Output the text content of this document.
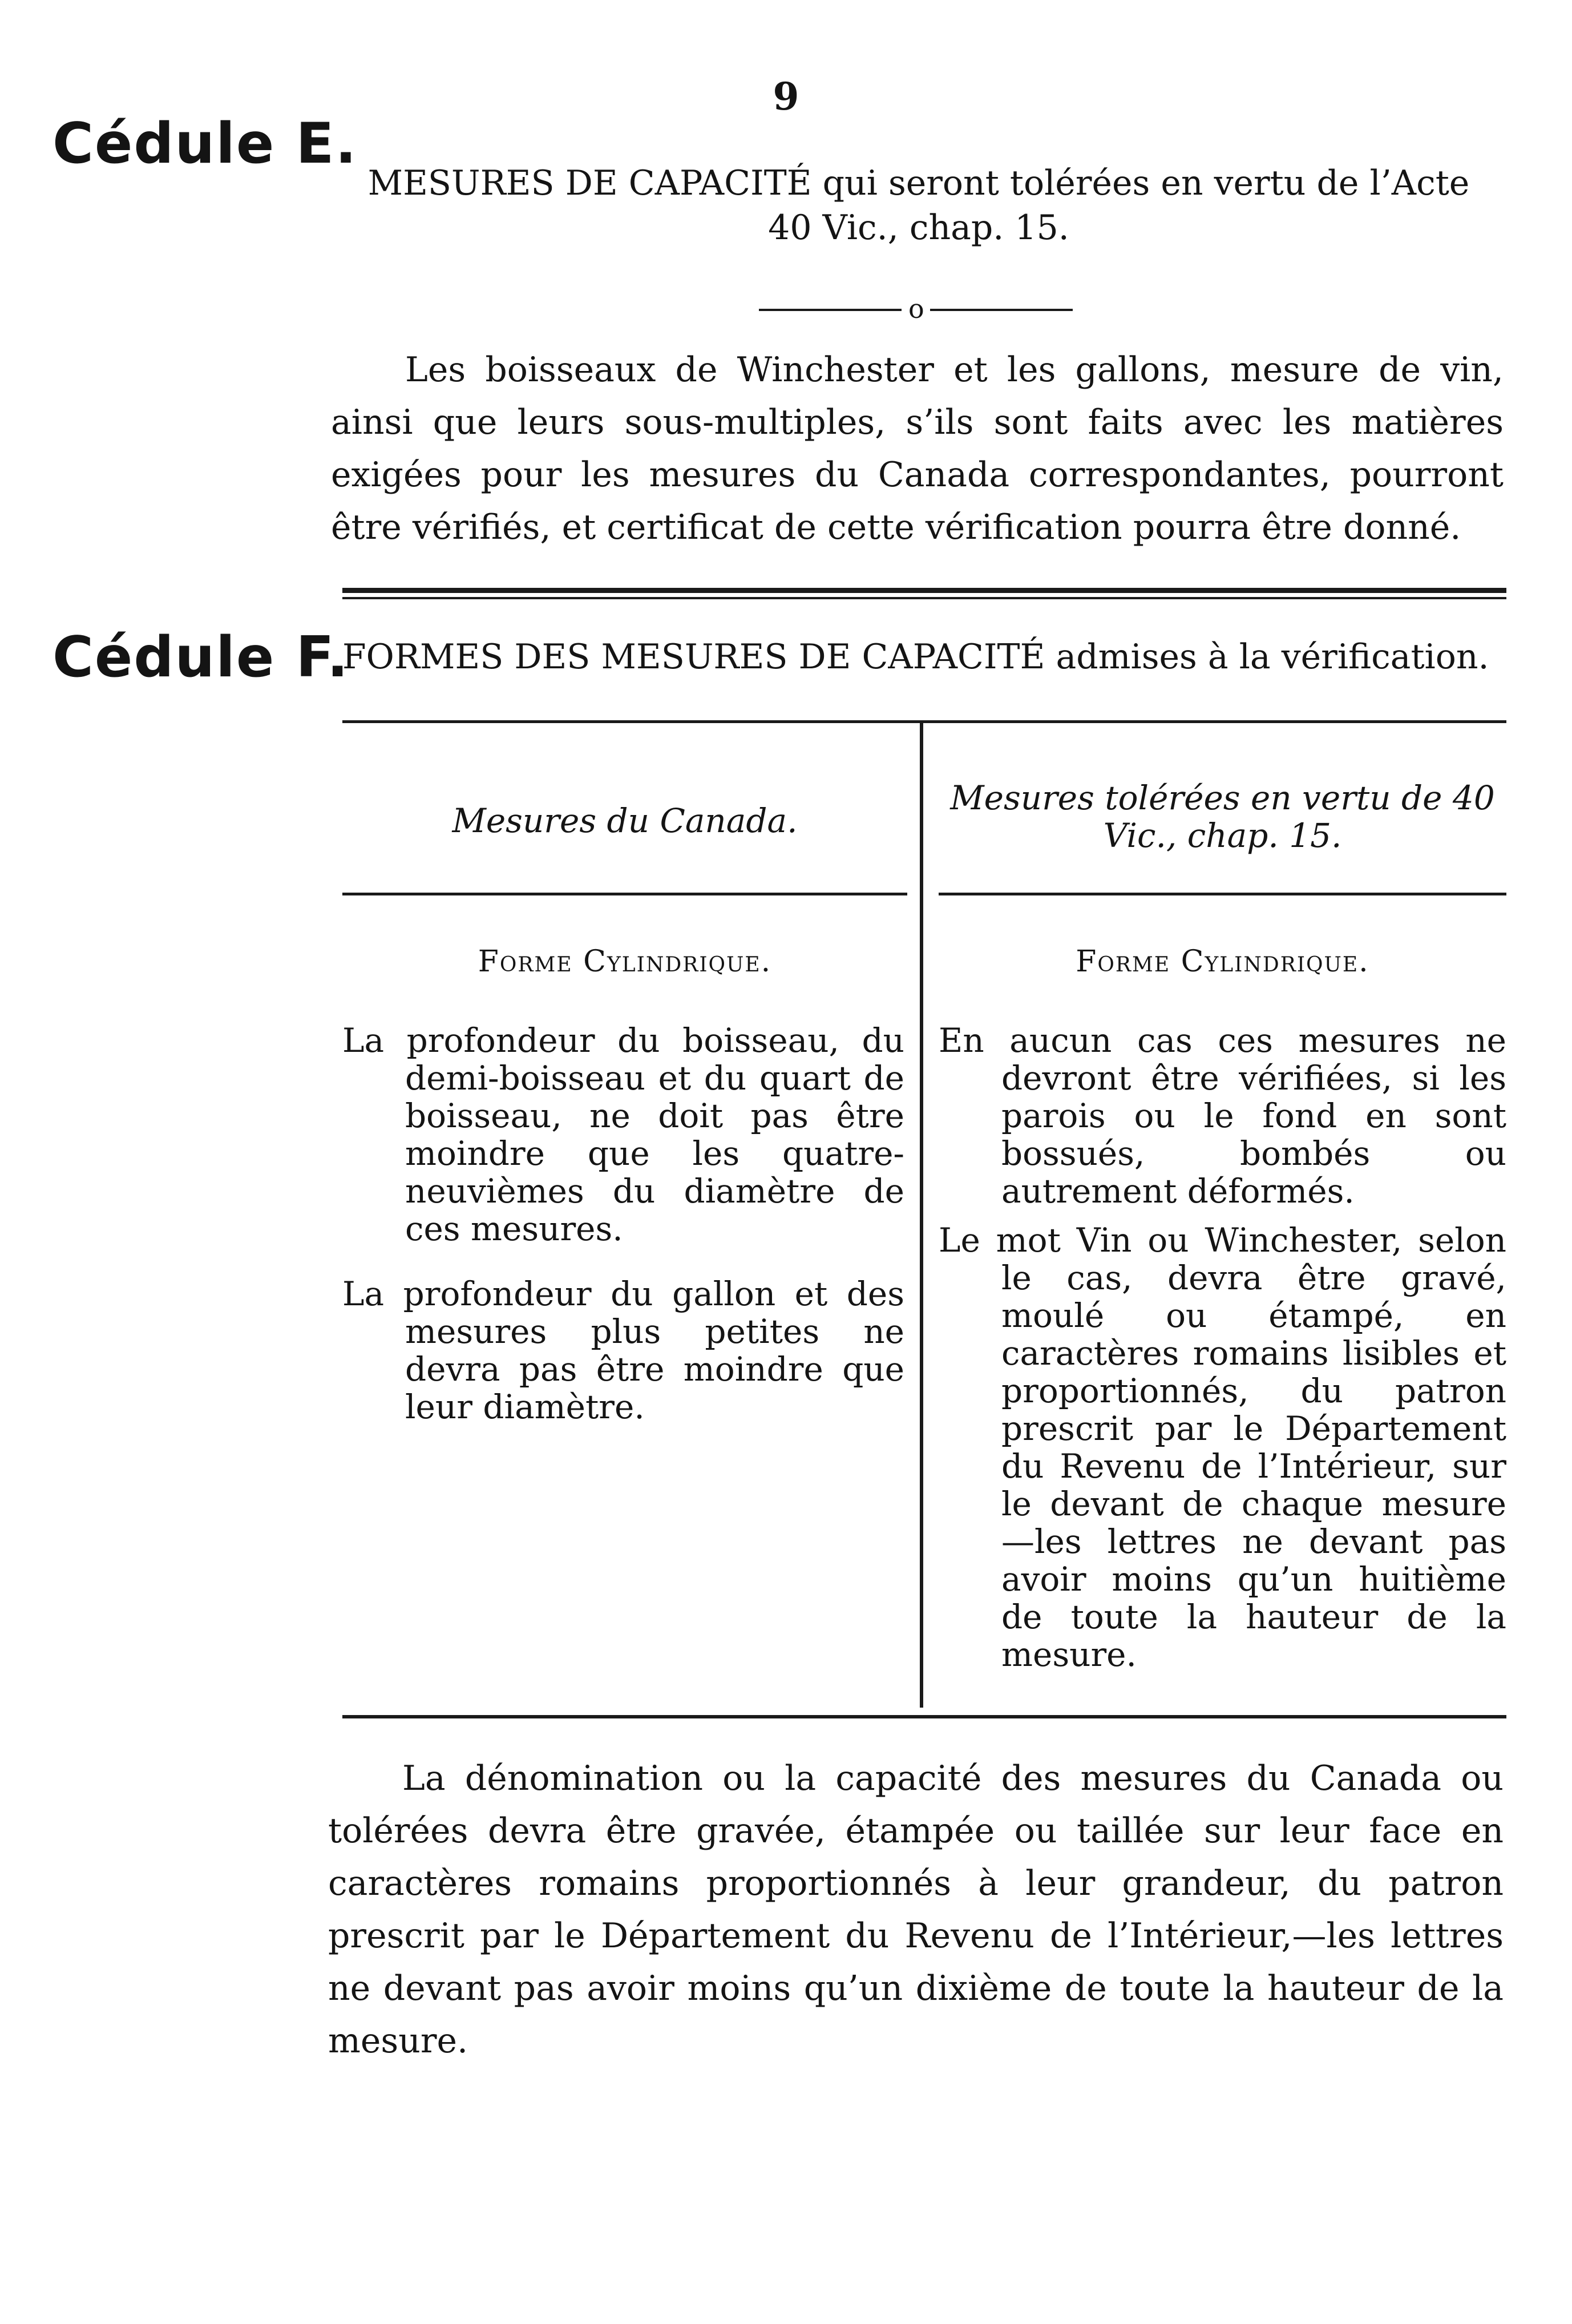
9
Cédule E.
MESURES DE CAPACITÉ qui seront tolérées en vertu de l’Acte
40 Vic., chap. 15.
o
Les boisseaux de Winchester et les gallons, mesure de vin, ainsi que leurs sous-multiples, s’ils sont faits avec les matières exigées pour les mesures du Canada correspondantes, pourront être vérifiés, et certificat de cette vérification pourra être donné.
Cédule F.
FORMES DES MESURES DE CAPACITÉ admises à la vérification.
Mesures du Canada.
Forme Cylindrique.

La profondeur du boisseau, du demi-boisseau et du quart de boisseau, ne doit pas être moindre que les quatre-neuvièmes du diamètre de ces mesures.

La profondeur du gallon et des mesures plus petites ne devra pas être moindre que leur diamètre.

Mesures tolérées en vertu de 40
Vic., chap. 15.
Forme Cylindrique.

En aucun cas ces mesures ne devront être vérifiées, si les parois ou le fond en sont bossués, bombés ou autrement déformés.

Le mot Vin ou Winchester, selon le cas, devra être gravé, moulé ou étampé, en caractères romains lisibles et proportionnés, du patron prescrit par le Département du Revenu de l’Intérieur, sur le devant de chaque mesure—les lettres ne devant pas avoir moins qu’un huitième de toute la hauteur de la mesure.

La dénomination ou la capacité des mesures du Canada ou tolérées devra être gravée, étampée ou taillée sur leur face en caractères romains proportionnés à leur grandeur, du patron prescrit par le Département du Revenu de l’Intérieur,—les lettres ne devant pas avoir moins qu’un dixième de toute la hauteur de la mesure.
